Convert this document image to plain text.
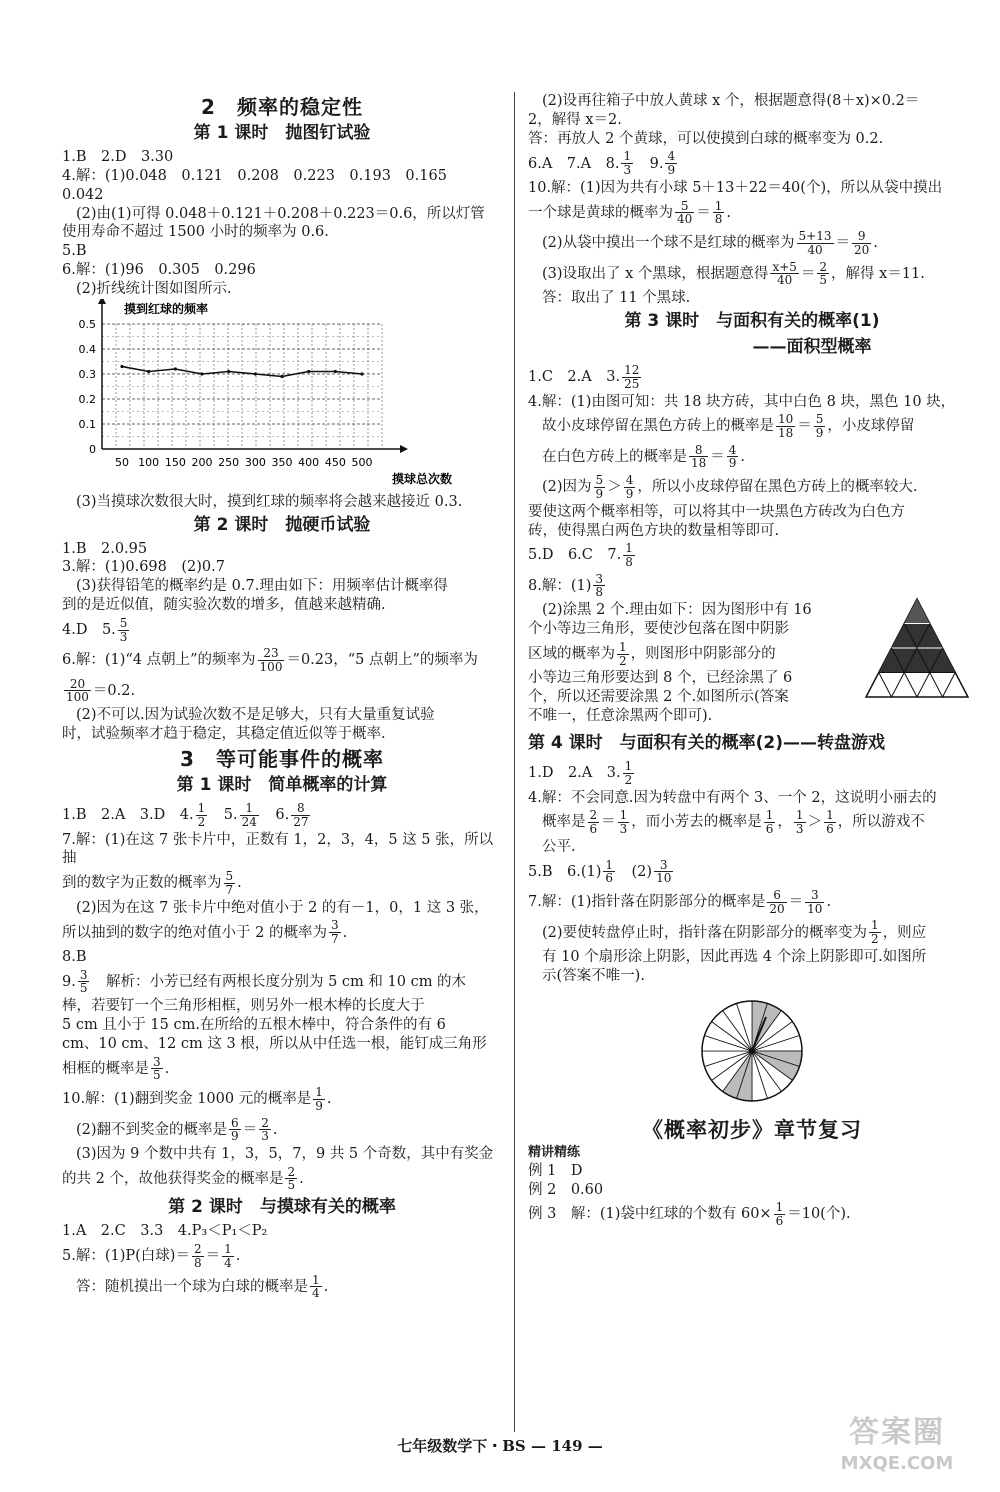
2　频率的稳定性
第 1 课时　抛图钉试验

1.B　2.D　3.30

4.解：(1)0.048　0.121　0.208　0.223　0.193　0.165　0.042

(2)由(1)可得 0.048＋0.121＋0.208＋0.223＝0.6，所以灯管

使用寿命不超过 1500 小时的频率为 0.6.

5.B

6.解：(1)96　0.305　0.296

(2)折线统计图如图所示.

摸到红球的频率
摸球总次数
0
0.1
0.2
0.3
0.4
0.5
50 100 150 200 250 300 350 400 450 500

(3)当摸球次数很大时，摸到红球的频率将会越来越接近 0.3.

第 2 课时　抛硬币试验

1.B　2.0.95

3.解：(1)0.698　(2)0.7

(3)获得铅笔的概率约是 0.7.理由如下：用频率估计概率得

到的是近似值，随实验次数的增多，值越来越精确.

4.D　5. $\frac{5}{3}$

6.解：(1)“4 点朝上”的频率为 $\frac{23}{100} =0.23$，“5 点朝上”的频率为

$\frac{20}{100} =0.2$.

(2)不可以.因为试验次数不是足够大，只有大量重复试验

时，试验频率才趋于稳定，其稳定值近似等于概率.

3　等可能事件的概率
第 1 课时　简单概率的计算

1.B　2.A　3.D　4. $\frac{1}{2}$ 　5. $\frac{1}{24}$ 　6. $\frac{8}{27}$

7.解：(1)在这 7 张卡片中，正数有 1，2，3，4，5 这 5 张，所以抽

到的数字为正数的概率为 $\frac{5}{7}$ .

(2)因为在这 7 张卡片中绝对值小于 2 的有－1，0，1 这 3 张，

所以抽到的数字的绝对值小于 2 的概率为 $\frac{3}{7}$ .

8.B

9. $\frac{3}{5}$ 　解析：小芳已经有两根长度分别为 5 cm 和 10 cm 的木

棒，若要钉一个三角形相框，则另外一根木棒的长度大于

5 cm 且小于 15 cm.在所给的五根木棒中，符合条件的有 6

cm、10 cm、12 cm 这 3 根，所以从中任选一根，能钉成三角形

相框的概率是 $\frac{3}{5}$ .

10.解：(1)翻到奖金 1000 元的概率是 $\frac{1}{9}$ .

(2)翻不到奖金的概率是 $\frac{6}{9} = \frac{2}{3}$ .

(3)因为 9 个数中共有 1，3，5，7，9 共 5 个奇数，其中有奖金

的共 2 个，故他获得奖金的概率是 $\frac{2}{5}$ .

第 2 课时　与摸球有关的概率

1.A　2.C　3.3　4.P₃＜P₁＜P₂

5.解：(1)P(白球)＝ $\frac{2}{8} = \frac{1}{4}$ .

答：随机摸出一个球为白球的概率是 $\frac{1}{4}$ .

(2)设再往箱子中放人黄球 x 个，根据题意得(8＋x)×0.2＝

2，解得 x＝2.

答：再放人 2 个黄球，可以使摸到白球的概率变为 0.2.

6.A　7.A　8. $\frac{1}{3}$ 　9. $\frac{4}{9}$

10.解：(1)因为共有小球 5＋13＋22＝40(个)，所以从袋中摸出

一个球是黄球的概率为 $\frac{5}{40} = \frac{1}{8}$ .

(2)从袋中摸出一个球不是红球的概率为 $\frac{5+13}{40} = \frac{9}{20}$ .

(3)设取出了 x 个黑球，根据题意得 $\frac{x+5}{40} = \frac{2}{5}$ ，解得 x＝11.

答：取出了 11 个黑球.

第 3 课时　与面积有关的概率(1)
——面积型概率

1.C　2.A　3. $\frac{12}{25}$

4.解：(1)由图可知：共 18 块方砖，其中白色 8 块，黑色 10 块，

故小皮球停留在黑色方砖上的概率是 $\frac{10}{18} = \frac{5}{9}$ ，小皮球停留

在白色方砖上的概率是 $\frac{8}{18} = \frac{4}{9}$ .

(2)因为 $\frac{5}{9} > \frac{4}{9}$ ，所以小皮球停留在黑色方砖上的概率较大.

要使这两个概率相等，可以将其中一块黑色方砖改为白色方

砖，使得黑白两色方块的数量相等即可.

5.D　6.C　7. $\frac{1}{8}$

8.解：$(1) \frac{3}{8}$

(2)涂黑 2 个.理由如下：因为图形中有 16

个小等边三角形，要使沙包落在图中阴影

区域的概率为 $\frac{1}{2}$ ，则图形中阴影部分的

小等边三角形要达到 8 个，已经涂黑了 6

个，所以还需要涂黑 2 个.如图所示(答案

不唯一，任意涂黑两个即可).

第 4 课时　与面积有关的概率(2)——转盘游戏

1.D　2.A　3. $\frac{1}{2}$

4.解：不会同意.因为转盘中有两个 3、一个 2，这说明小丽去的

概率是 $\frac{2}{6} = \frac{1}{3}$ ，而小芳去的概率是 $\frac{1}{6}$ ， $\frac{1}{3} > \frac{1}{6}$ ，所以游戏不

公平.

5.B　$6.(1) \frac{1}{6}$ 　$(2) \frac{3}{10}$

7.解：(1)指针落在阴影部分的概率是 $\frac{6}{20} = \frac{3}{10}$ .

(2)要使转盘停止时，指针落在阴影部分的概率变为 $\frac{1}{2}$ ，则应

有 10 个扇形涂上阴影，因此再选 4 个涂上阴影即可.如图所

示(答案不唯一).

《概率初步》章节复习

精讲精练

例 1　D

例 2　0.60

例 3　解：(1)袋中红球的个数有 $60\times \frac{1}{6} =10$(个).

七年级数学下・BS — 149 —	答案圈
MXQE.COM
